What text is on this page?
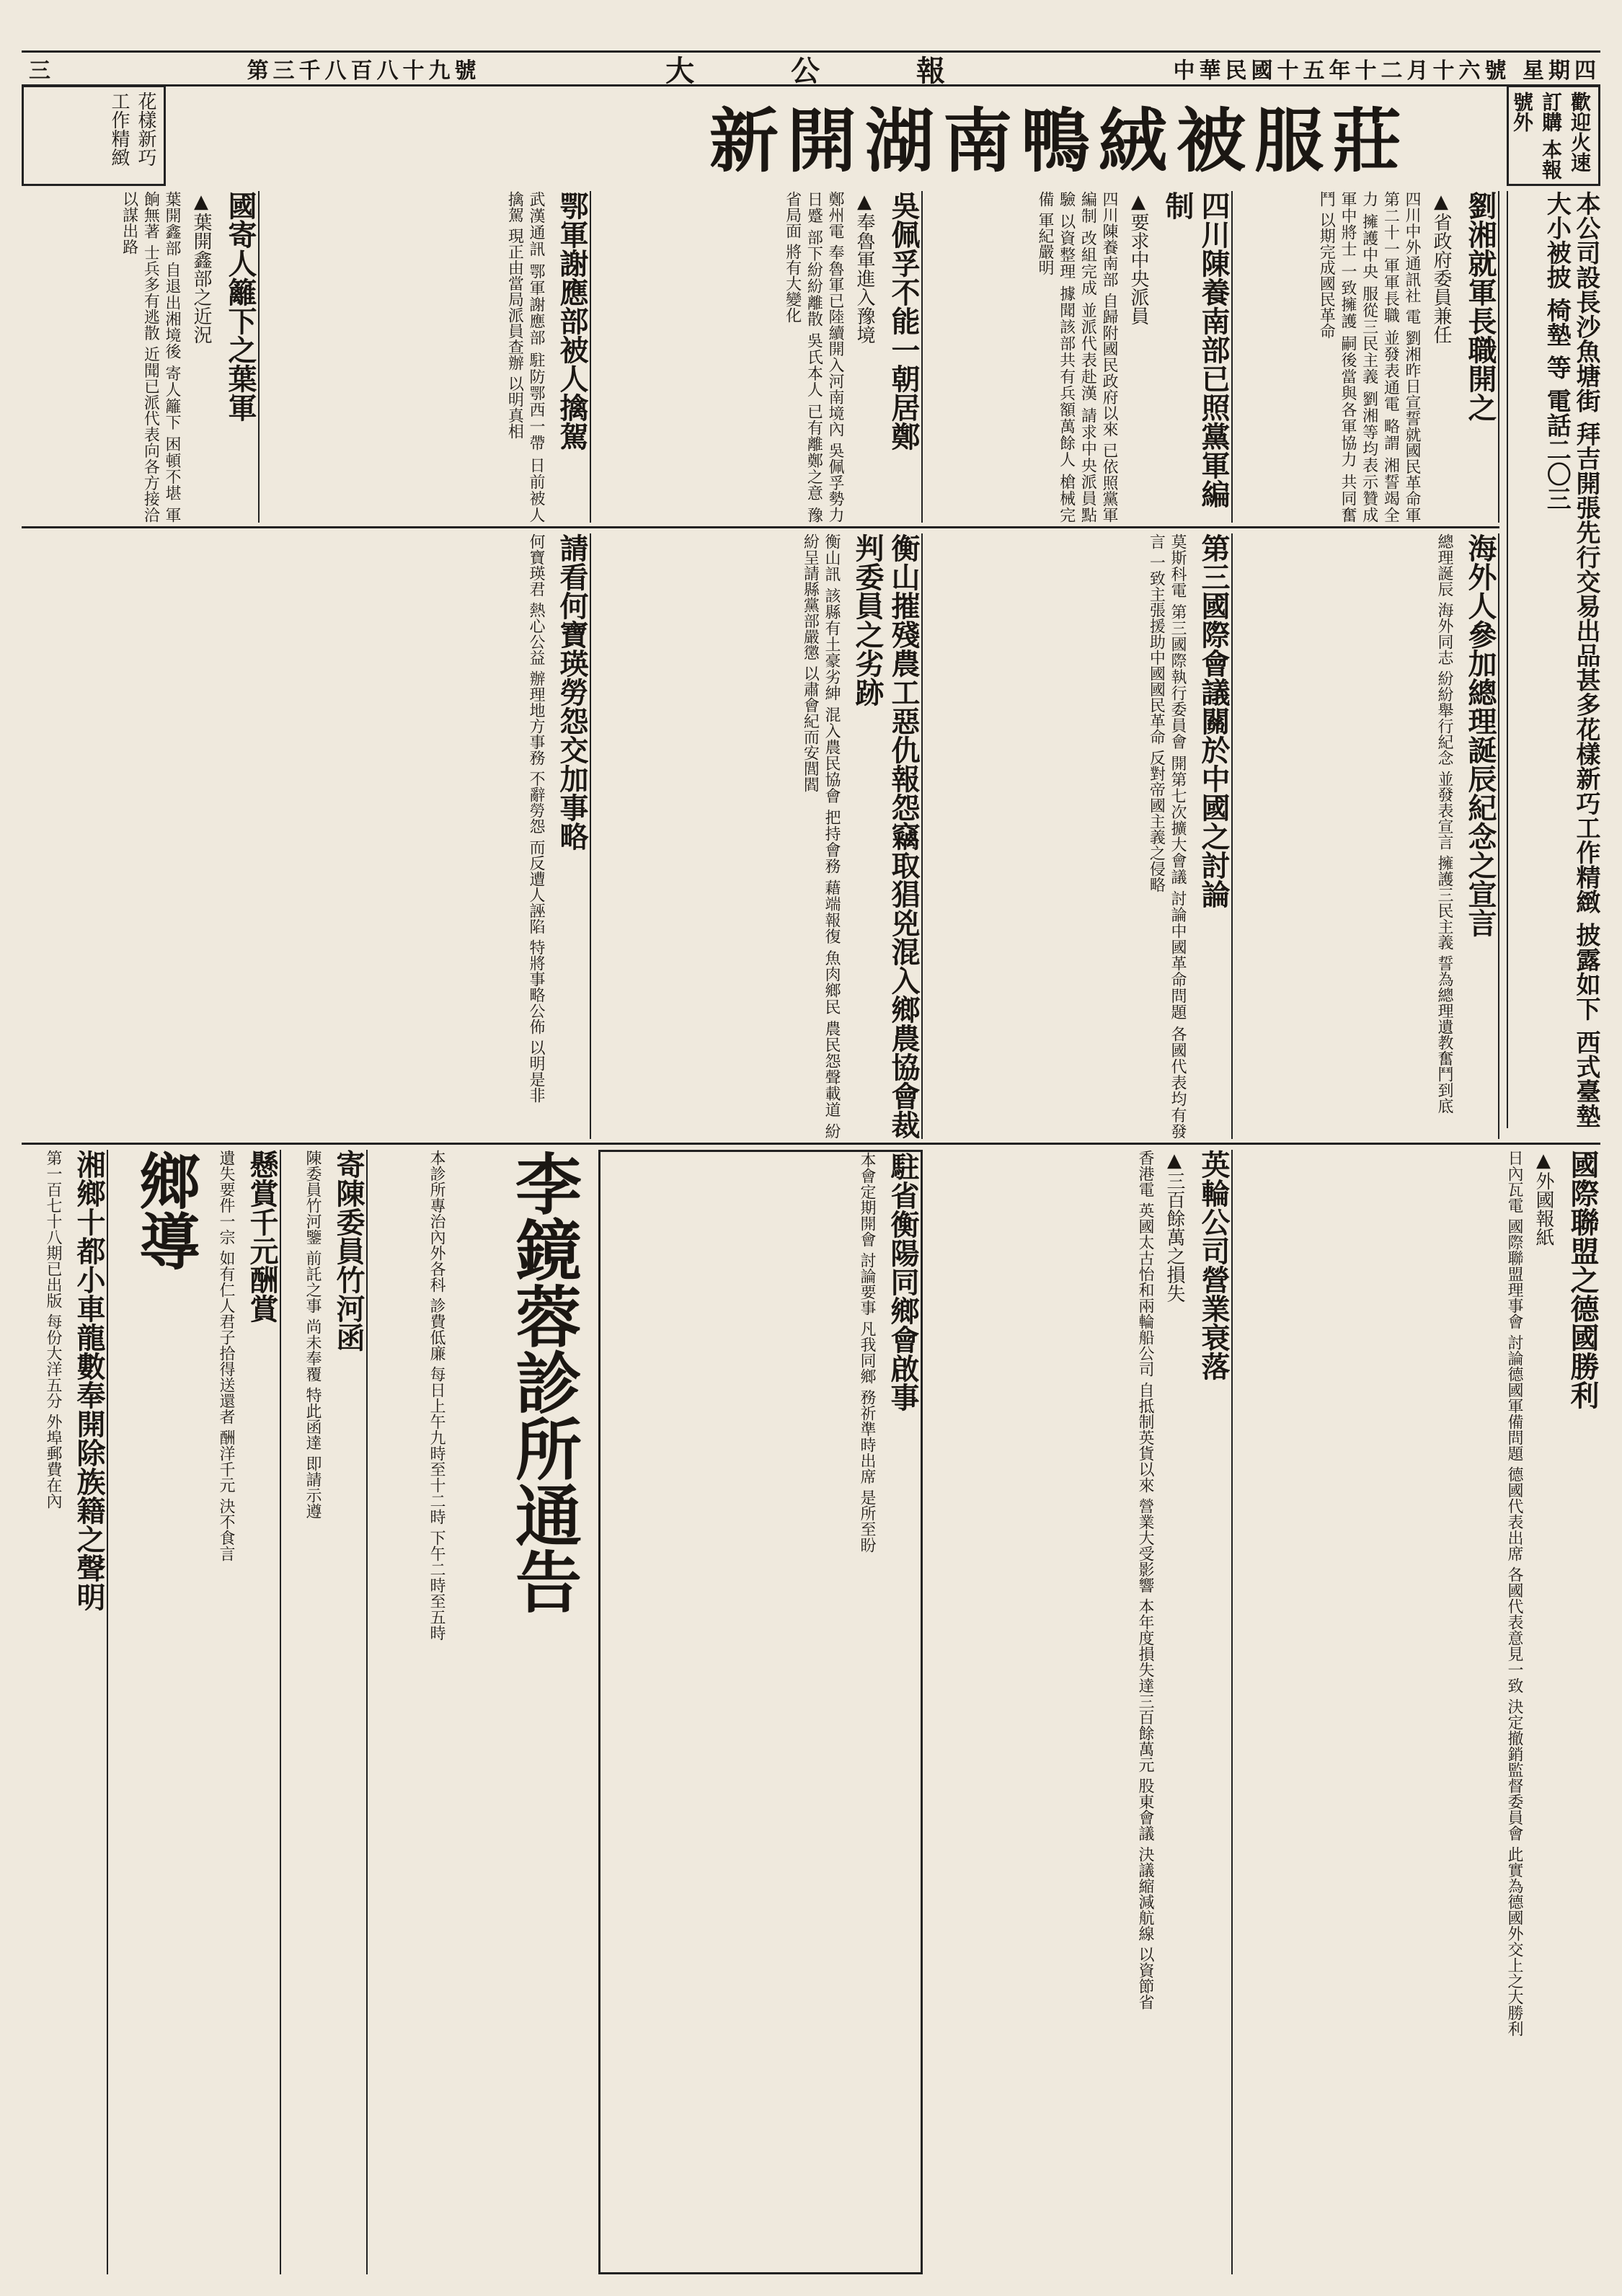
三	第三千八百八十九號	大 公 報	中華民國十五年十二月十六號 星期四
歡迎火速訂購 本報號外
新開湖南鴨絨被服莊
花樣新巧 工作精緻
本公司設長沙魚塘街 拜吉開張先行交易出品甚多花樣新巧工作精緻 披露如下 西式臺墊 大小被披 椅墊 等 電話二〇三
劉湘就軍長職開之
▲省政府委員兼任
四川中外通訊社 電 劉湘昨日宣誓就國民革命軍第二十一軍軍長職 並發表通電 略謂 湘誓竭全力 擁護中央 服從三民主義 劉湘等均表示贊成 軍中將士 一致擁護 嗣後當與各軍協力 共同奮鬥 以期完成國民革命
四川陳養南部已照黨軍編制
▲要求中央派員
四川陳養南部 自歸附國民政府以來 已依照黨軍編制 改組完成 並派代表赴漢 請求中央派員點驗 以資整理 據聞該部共有兵額萬餘人 槍械完備 軍紀嚴明
吳佩孚不能一朝居鄭
▲奉魯軍進入豫境
鄭州電 奉魯軍已陸續開入河南境內 吳佩孚勢力日蹙 部下紛紛離散 吳氏本人 已有離鄭之意 豫省局面 將有大變化
鄂軍謝應部被人擒駕
武漢通訊 鄂軍謝應部 駐防鄂西一帶 日前被人擒駕 現正由當局派員查辦 以明真相
國寄人籬下之葉軍
▲葉開鑫部之近況
葉開鑫部 自退出湘境後 寄人籬下 困頓不堪 軍餉無著 士兵多有逃散 近聞已派代表向各方接洽 以謀出路
海外人參加總理誕辰紀念之宣言
總理誕辰 海外同志 紛紛舉行紀念 並發表宣言 擁護三民主義 誓為總理遺教奮鬥到底
第三國際會議關於中國之討論
莫斯科電 第三國際執行委員會 開第七次擴大會議 討論中國革命問題 各國代表均有發言 一致主張援助中國國民革命 反對帝國主義之侵略
衡山摧殘農工惡仇報怨竊取猖兇混入鄉農協會裁判委員之劣跡
衡山訊 該縣有土豪劣紳 混入農民協會 把持會務 藉端報復 魚肉鄉民 農民怨聲載道 紛紛呈請縣黨部嚴懲 以肅會紀而安閭閻
請看何寶瑛勞怨交加事略
何寶瑛君 熱心公益 辦理地方事務 不辭勞怨 而反遭人誣陷 特將事略公佈 以明是非
國際聯盟之德國勝利
▲外國報紙
日內瓦電 國際聯盟理事會 討論德國軍備問題 德國代表出席 各國代表意見一致 決定撤銷監督委員會 此實為德國外交上之大勝利
英輪公司營業衰落
▲三百餘萬之損失
香港電 英國太古怡和兩輪船公司 自抵制英貨以來 營業大受影響 本年度損失達三百餘萬元 股東會議 決議縮減航線 以資節省
駐省衡陽同鄉會啟事
本會定期開會 討論要事 凡我同鄉 務祈準時出席 是所至盼
李鏡蓉診所通告
本診所專治內外各科 診費低廉 每日上午九時至十二時 下午二時至五時
寄陳委員竹河函
陳委員竹河鑒 前託之事 尚未奉覆 特此函達 即請示遵
懸賞千元酬賞
遺失要件一宗 如有仁人君子拾得送還者 酬洋千元 決不食言
鄉導
湘鄉十都小車龍數奉開除族籍之聲明
第一百七十八期已出版 每份大洋五分 外埠郵費在內
